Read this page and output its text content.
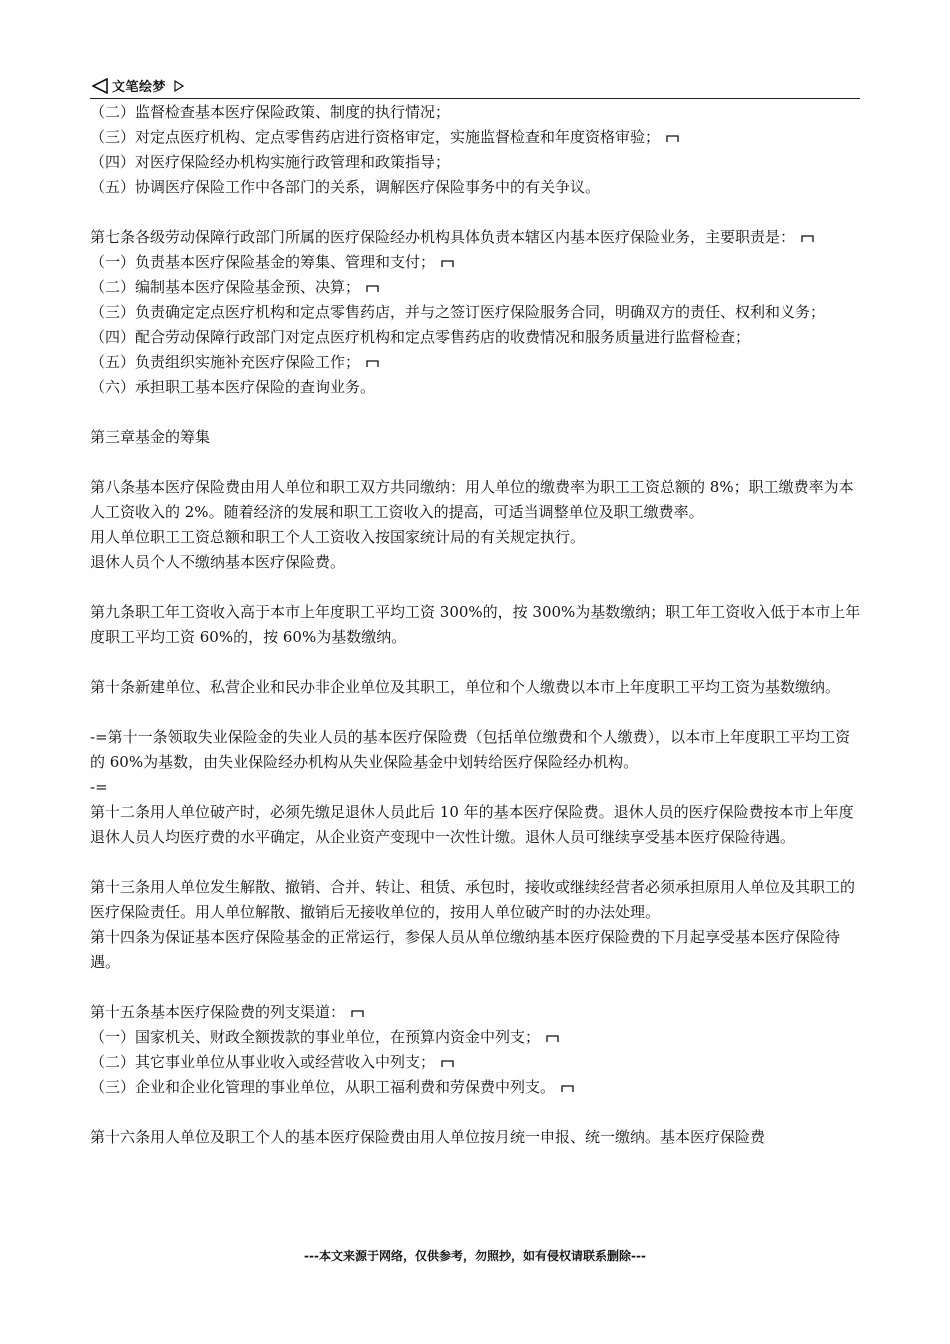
文笔绘梦

（二）监督检查基本医疗保险政策、制度的执行情况；

（三）对定点医疗机构、定点零售药店进行资格审定，实施监督检查和年度资格审验；

（四）对医疗保险经办机构实施行政管理和政策指导；

（五）协调医疗保险工作中各部门的关系，调解医疗保险事务中的有关争议。

第七条各级劳动保障行政部门所属的医疗保险经办机构具体负责本辖区内基本医疗保险业务，主要职责是：

（一）负责基本医疗保险基金的筹集、管理和支付；

（二）编制基本医疗保险基金预、决算；

（三）负责确定定点医疗机构和定点零售药店，并与之签订医疗保险服务合同，明确双方的责任、权利和义务；

（四）配合劳动保障行政部门对定点医疗机构和定点零售药店的收费情况和服务质量进行监督检查；

（五）负责组织实施补充医疗保险工作；

（六）承担职工基本医疗保险的查询业务。

第三章基金的筹集

第八条基本医疗保险费由用人单位和职工双方共同缴纳：用人单位的缴费率为职工工资总额的 8%；职工缴费率为本人工资收入的 2%。随着经济的发展和职工工资收入的提高，可适当调整单位及职工缴费率。

用人单位职工工资总额和职工个人工资收入按国家统计局的有关规定执行。

退休人员个人不缴纳基本医疗保险费。

第九条职工年工资收入高于本市上年度职工平均工资 300%的，按 300%为基数缴纳；职工年工资收入低于本市上年度职工平均工资 60%的，按 60%为基数缴纳。

第十条新建单位、私营企业和民办非企业单位及其职工，单位和个人缴费以本市上年度职工平均工资为基数缴纳。

-=第十一条领取失业保险金的失业人员的基本医疗保险费（包括单位缴费和个人缴费），以本市上年度职工平均工资的 60%为基数，由失业保险经办机构从失业保险基金中划转给医疗保险经办机构。

-=

第十二条用人单位破产时，必须先缴足退休人员此后 10 年的基本医疗保险费。退休人员的医疗保险费按本市上年度退休人员人均医疗费的水平确定，从企业资产变现中一次性计缴。退休人员可继续享受基本医疗保险待遇。

第十三条用人单位发生解散、撤销、合并、转让、租赁、承包时，接收或继续经营者必须承担原用人单位及其职工的医疗保险责任。用人单位解散、撤销后无接收单位的，按用人单位破产时的办法处理。

第十四条为保证基本医疗保险基金的正常运行，参保人员从单位缴纳基本医疗保险费的下月起享受基本医疗保险待遇。

第十五条基本医疗保险费的列支渠道：

（一）国家机关、财政全额拨款的事业单位，在预算内资金中列支；

（二）其它事业单位从事业收入或经营收入中列支；

（三）企业和企业化管理的事业单位，从职工福利费和劳保费中列支。

第十六条用人单位及职工个人的基本医疗保险费由用人单位按月统一申报、统一缴纳。基本医疗保险费

---本文来源于网络，仅供参考，勿照抄，如有侵权请联系删除---
